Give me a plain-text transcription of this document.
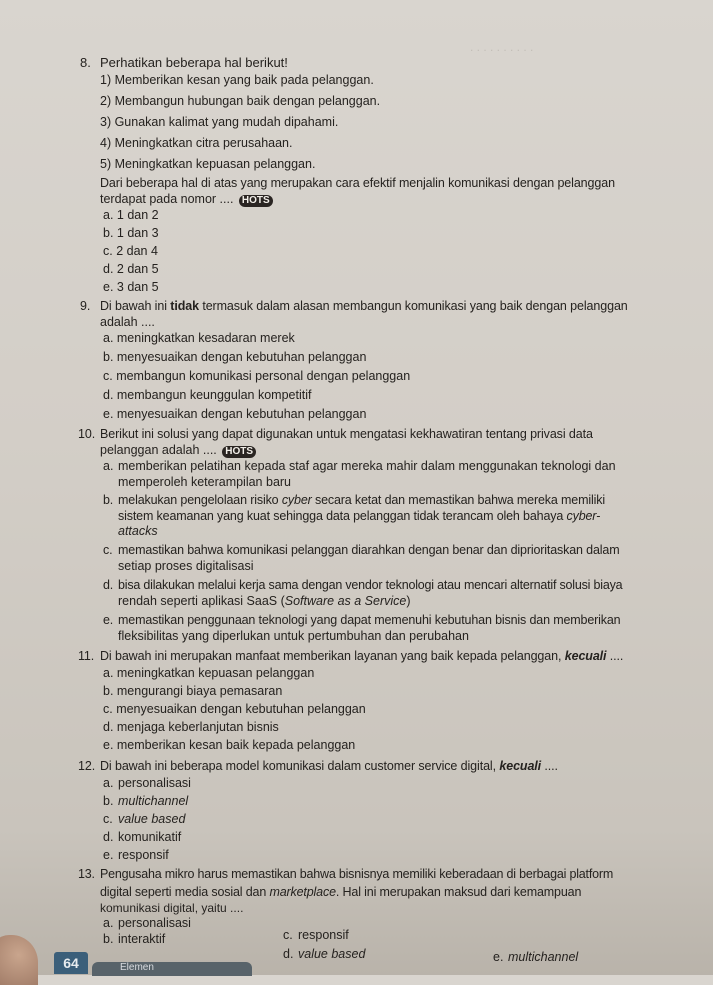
. . . . . . . . . .
8. Perhatikan beberapa hal berikut!
1) Memberikan kesan yang baik pada pelanggan.
2) Membangun hubungan baik dengan pelanggan.
3) Gunakan kalimat yang mudah dipahami.
4) Meningkatkan citra perusahaan.
5) Meningkatkan kepuasan pelanggan.
Dari beberapa hal di atas yang merupakan cara efektif menjalin komunikasi dengan pelanggan
terdapat pada nomor .... HOTS
a. 1 dan 2
b. 1 dan 3
c. 2 dan 4
d. 2 dan 5
e. 3 dan 5
9. Di bawah ini tidak termasuk dalam alasan membangun komunikasi yang baik dengan pelanggan
adalah ....
a. meningkatkan kesadaran merek
b. menyesuaikan dengan kebutuhan pelanggan
c. membangun komunikasi personal dengan pelanggan
d. membangun keunggulan kompetitif
e. menyesuaikan dengan kebutuhan pelanggan
10. Berikut ini solusi yang dapat digunakan untuk mengatasi kekhawatiran tentang privasi data
pelanggan adalah .... HOTS
a. memberikan pelatihan kepada staf agar mereka mahir dalam menggunakan teknologi dan
memperoleh keterampilan baru
b. melakukan pengelolaan risiko cyber secara ketat dan memastikan bahwa mereka memiliki
sistem keamanan yang kuat sehingga data pelanggan tidak terancam oleh bahaya cyber-
attacks
c. memastikan bahwa komunikasi pelanggan diarahkan dengan benar dan diprioritaskan dalam
setiap proses digitalisasi
d. bisa dilakukan melalui kerja sama dengan vendor teknologi atau mencari alternatif solusi biaya
rendah seperti aplikasi SaaS (Software as a Service)
e. memastikan penggunaan teknologi yang dapat memenuhi kebutuhan bisnis dan memberikan
fleksibilitas yang diperlukan untuk pertumbuhan dan perubahan
11. Di bawah ini merupakan manfaat memberikan layanan yang baik kepada pelanggan, kecuali ....
a. meningkatkan kepuasan pelanggan
b. mengurangi biaya pemasaran
c. menyesuaikan dengan kebutuhan pelanggan
d. menjaga keberlanjutan bisnis
e. memberikan kesan baik kepada pelanggan
12. Di bawah ini beberapa model komunikasi dalam customer service digital, kecuali ....
a. personalisasi
b. multichannel
c. value based
d. komunikatif
e. responsif
13. Pengusaha mikro harus memastikan bahwa bisnisnya memiliki keberadaan di berbagai platform
digital seperti media sosial dan marketplace. Hal ini merupakan maksud dari kemampuan
komunikasi digital, yaitu ....
a. personalisasi
b. interaktif	c. responsif
d. value based	e. multichannel
64	Elemen
